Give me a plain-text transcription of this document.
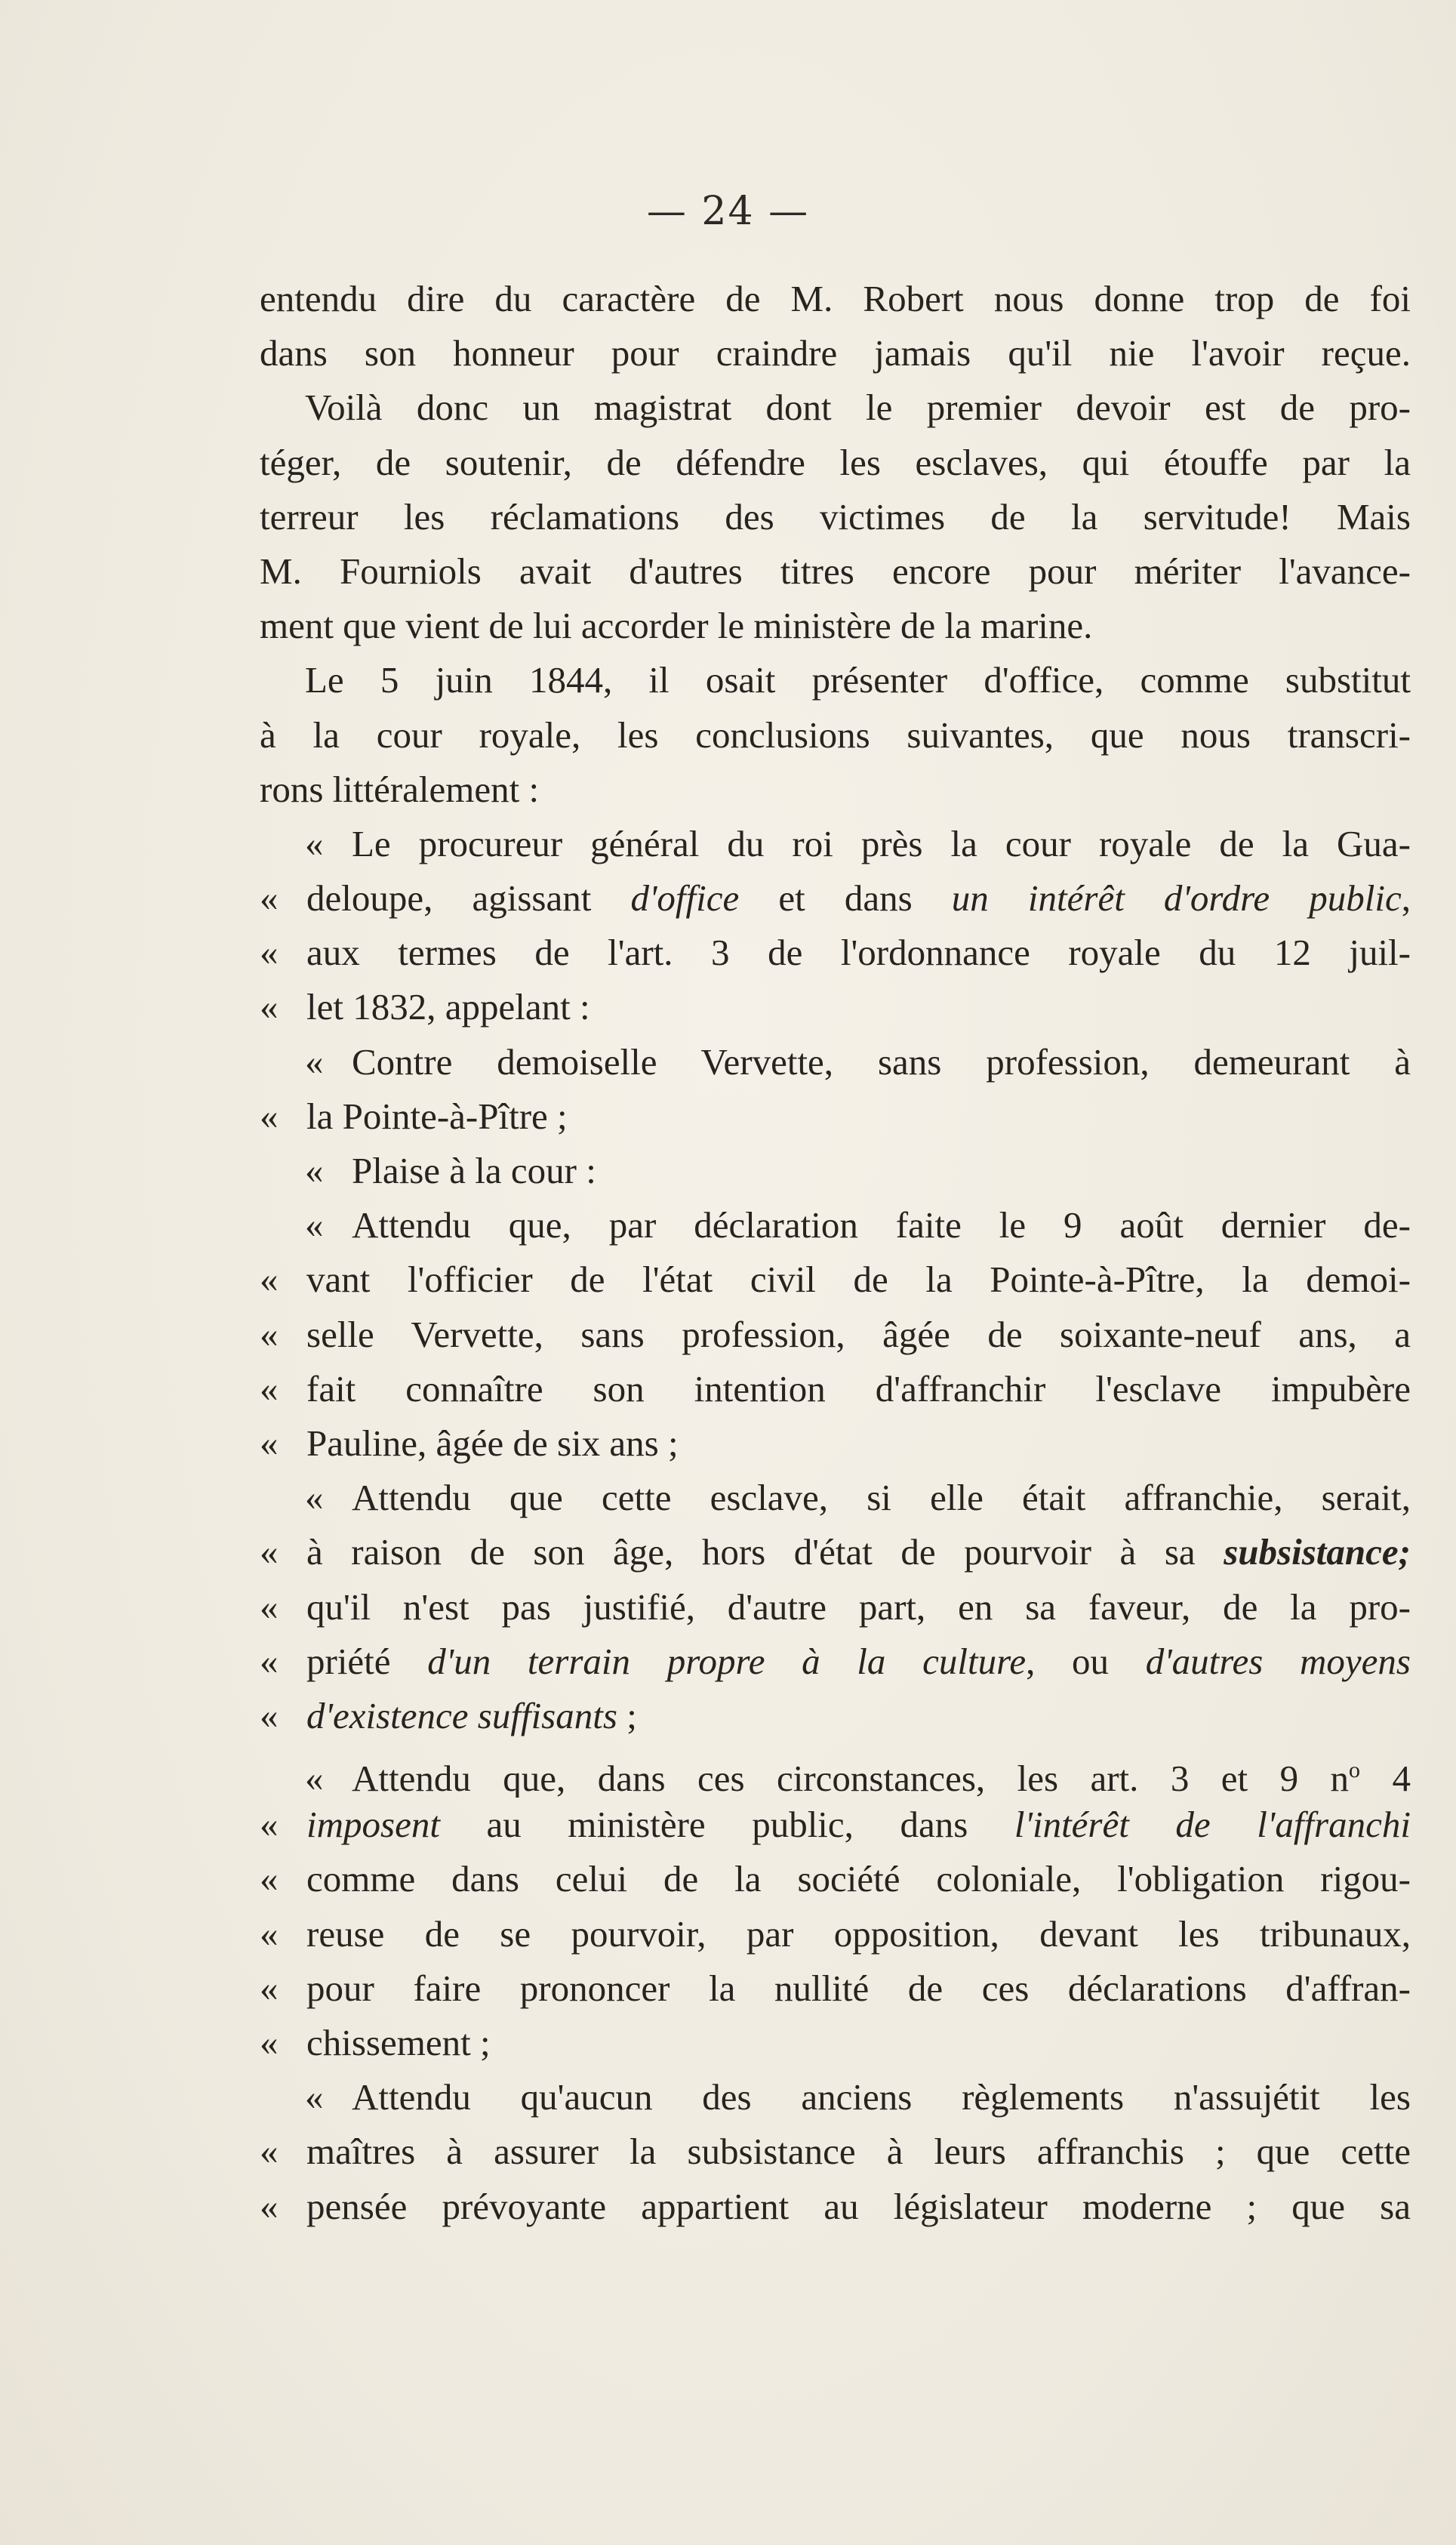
— 24 —
entendu dire du caractère de M. Robert nous donne trop de foi
dans son honneur pour craindre jamais qu'il nie l'avoir reçue.
Voilà donc un magistrat dont le premier devoir est de pro-
téger, de soutenir, de défendre les esclaves, qui étouffe par la
terreur les réclamations des victimes de la servitude! Mais
M. Fourniols avait d'autres titres encore pour mériter l'avance-
ment que vient de lui accorder le ministère de la marine.
Le 5 juin 1844, il osait présenter d'office, comme substitut
à la cour royale, les conclusions suivantes, que nous transcri-
rons littéralement :
« Le procureur général du roi près la cour royale de la Gua-
« deloupe, agissant d'office et dans un intérêt d'ordre public,
« aux termes de l'art. 3 de l'ordonnance royale du 12 juil-
« let 1832, appelant :
« Contre demoiselle Vervette, sans profession, demeurant à
« la Pointe-à-Pître ;
« Plaise à la cour :
« Attendu que, par déclaration faite le 9 août dernier de-
« vant l'officier de l'état civil de la Pointe-à-Pître, la demoi-
« selle Vervette, sans profession, âgée de soixante-neuf ans, a
« fait connaître son intention d'affranchir l'esclave impubère
« Pauline, âgée de six ans ;
« Attendu que cette esclave, si elle était affranchie, serait,
« à raison de son âge, hors d'état de pourvoir à sa subsistance;
« qu'il n'est pas justifié, d'autre part, en sa faveur, de la pro-
« priété d'un terrain propre à la culture, ou d'autres moyens
« d'existence suffisants ;
« Attendu que, dans ces circonstances, les art. 3 et 9 $n^o$ 4
« imposent au ministère public, dans l'intérêt de l'affranchi
« comme dans celui de la société coloniale, l'obligation rigou-
« reuse de se pourvoir, par opposition, devant les tribunaux,
« pour faire prononcer la nullité de ces déclarations d'affran-
« chissement ;
« Attendu qu'aucun des anciens règlements n'assujétit les
« maîtres à assurer la subsistance à leurs affranchis ; que cette
« pensée prévoyante appartient au législateur moderne ; que sa
